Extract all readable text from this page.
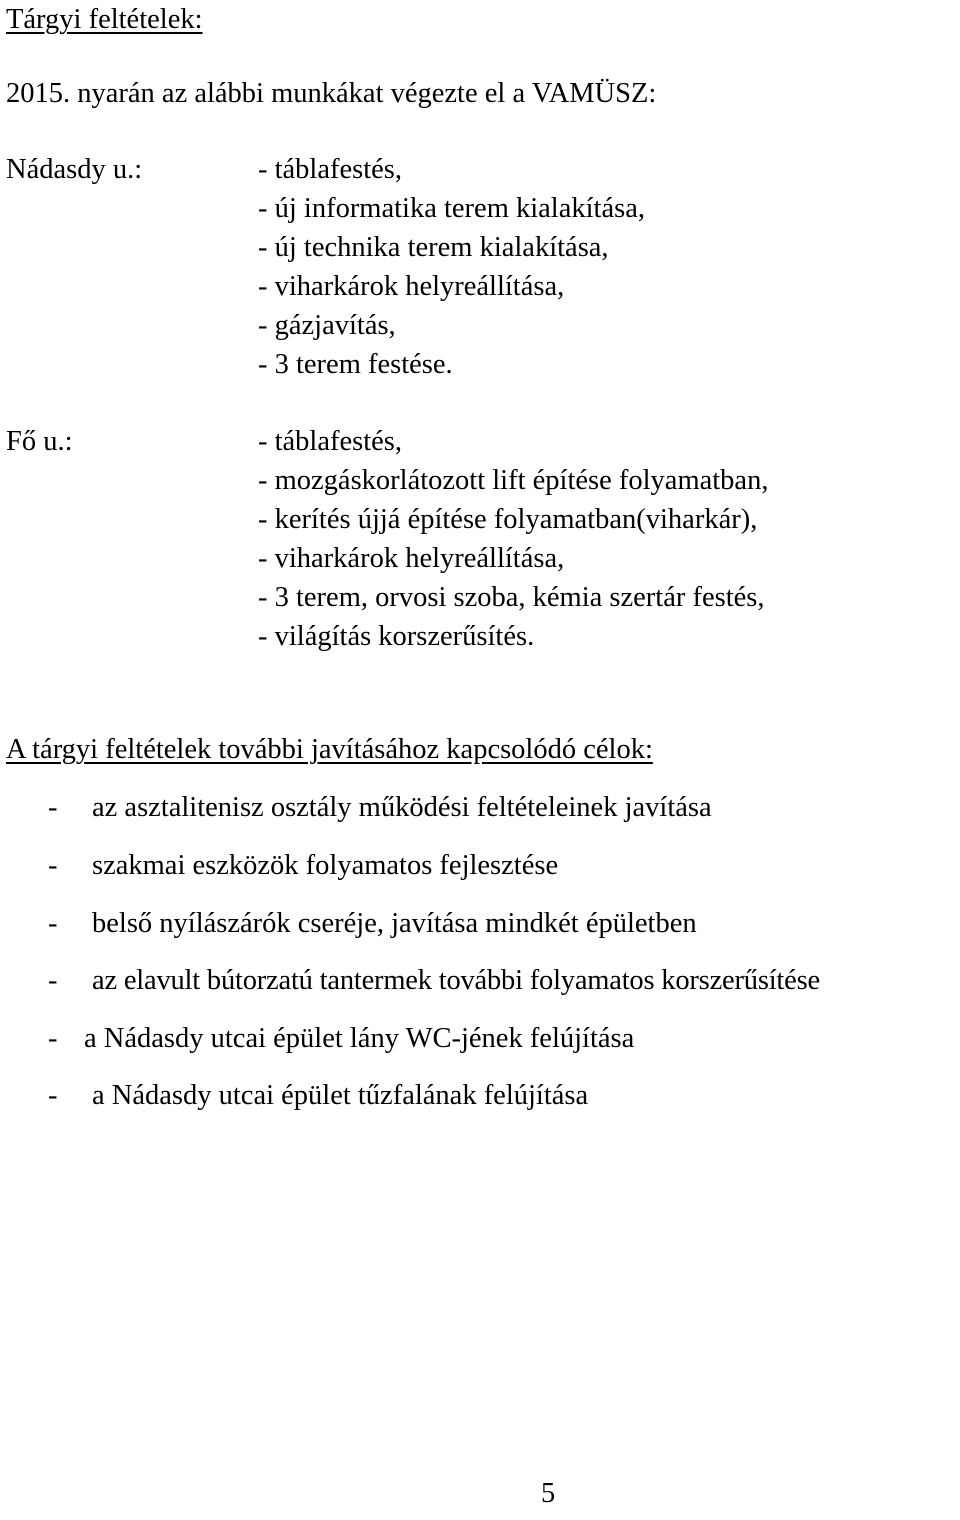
Tárgyi feltételek:
2015. nyarán az alábbi munkákat végezte el a VAMÜSZ:
Nádasdy u.:	- táblafestés,
- új informatika terem kialakítása,
- új technika terem kialakítása,
- viharkárok helyreállítása,
- gázjavítás,
- 3 terem festése.
Fő u.:	- táblafestés,
- mozgáskorlátozott lift építése folyamatban,
- kerítés újjá építése folyamatban(viharkár),
- viharkárok helyreállítása,
- 3 terem, orvosi szoba, kémia szertár festés,
- világítás korszerűsítés.
A tárgyi feltételek további javításához kapcsolódó célok:
- az asztalitenisz osztály működési feltételeinek javítása
- szakmai eszközök folyamatos fejlesztése
- belső nyílászárók cseréje, javítása mindkét épületben
- az elavult bútorzatú tantermek további folyamatos korszerűsítése
- a Nádasdy utcai épület lány WC-jének felújítása
- a Nádasdy utcai épület tűzfalának felújítása
5
